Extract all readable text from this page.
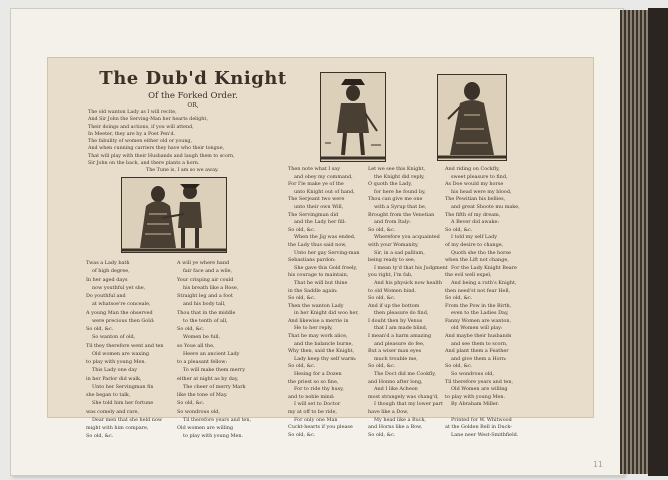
11
The Dub'd Knight
Of the Forked Order.
OR,
The old wanton Lady as I will recite,
And Sir John the Serving-Man her hearts delight,
Their doings and actions, if you will attend,
In Meeter, they are by a Poet Pen'd.
The fabulity of women either old or young,
And when cunning carriers they have who their tongue,
That will play with their Husbands and laugh them to scorn,
Sir John on the back, and there plants a horn.
The Tune is, I am so we away.
Twas a Lady bath
of high degree,
In her aged days
now youthful yet she,
Do youthful and
at whatsoe're conceale,
A young Man the observed
were precious then Gold:
So old, &c.
So wanton of old,
Til they therefore went and ten
Old women are waxing
to play with young Men.
This Lady one day
in her Parlor did walk,
Unto her Servingman fin
she began to talk,
She told him her fortune
was comely and rare,
Dear men that she held now
might with him compare,
So old, &c.
A will ye where hand
fair face and a wile,
Your crisping air could
his breath like a Rose,
Straight leg and a foot
and his body tall,
Thou that in the middle
to the tenth of all,
So old, &c.
Women be full,
so Youe all the,
Heere an ancient Lady
to a pleasant fellow:
To will make them merry
either at night as by day,
The cheer of merry Mark
like the tone of May.
So old, &c.
So wondrous old,
Til therefore years and ten,
Old women are willing
to play with young Men.
Then note what I say
and obey my command,
For I'le make ye of the
unto Knight out of hand,
The Serjeant two were
unto their own Will,
The Servingman did
and the Lady her fill:
So old, &c.
When the Jig was ended,
the Lady thus said now,
Unto her gay Serving-man
Sebastians pardon:
She gave this Gold freely,
his courage to maintain,
That he will but thine
in the Saddle again:
So old, &c.
Then the wanton Lady
in her Knight did woo her,
And likewise a merrie in
He to her reply,
That he may work alice,
and the balancle burne,
Why then, said the Knight,
Lady keep thy self warm:
So old, &c.
Hesing for a Dozen
the priest so so fine,
For to ride thy husy,
and to noble mind:
I will set to Doctor
my at off to be ride,
For only one Man
Cuckt-hearts if you please
So old, &c.
Let we see this Knight,
the Knight did reply,
O quoth the Lady,
for here he found by,
Thou can give me one
with a Syrup that be,
Brought from the Venetian
and from Italy:
So old, &c.
Wherefore you acquainted
with your Womanity,
Sir, in a sad pallium,
being ready to see,
I mean ty'd that his Judgment
you right, I'm fab,
And his physick now health
to old Women bind.
So old, &c.
And if up the bottom
then pleasure do find,
I doubt then by Venus
that I am made blind,
I mean'd a harm amazing
and pleasure do fee,
But a wiser man eyes
much trouble me,
So old, &c.
The Doct did me Cookfly,
and Honno after long,
And I like Acheon
most strangely was chang'd,
I though that my lower part
have like a Dow,
My head like a Buck,
and Horns like a Bow,
So old, &c.
And riding on Cockfly,
sweet pleasure to find,
As Doe would my horse
his head were my blood,
The Pewitian his bellies,
and great Shoote mu make,
The fifth of my dream,
A Bever did awake:
So old, &c.
I told my self Lady
of my desire to change,
Quoth she tho the horse
when the Lift not change,
For the Lady Knight Beare
the evil well expel,
And being a ruth's Knight,
then need'st not fear Hell,
So old, &c.
From the Pow in the Birth,
even to the Ladies Day,
Fanny Women are wanton,
old Women will play:
And maybe their husbands
and see them to scorn,
And plant them a Feather
and give them a Horn:
So old, &c.
So wondrous old,
Til therefore years and ten,
Old Women are willing
to play with young Men.
By Abraham Miller.
Printed for W. Whitwood
at the Golden Bell in Duck-
Lane neer West-Smithfield.
